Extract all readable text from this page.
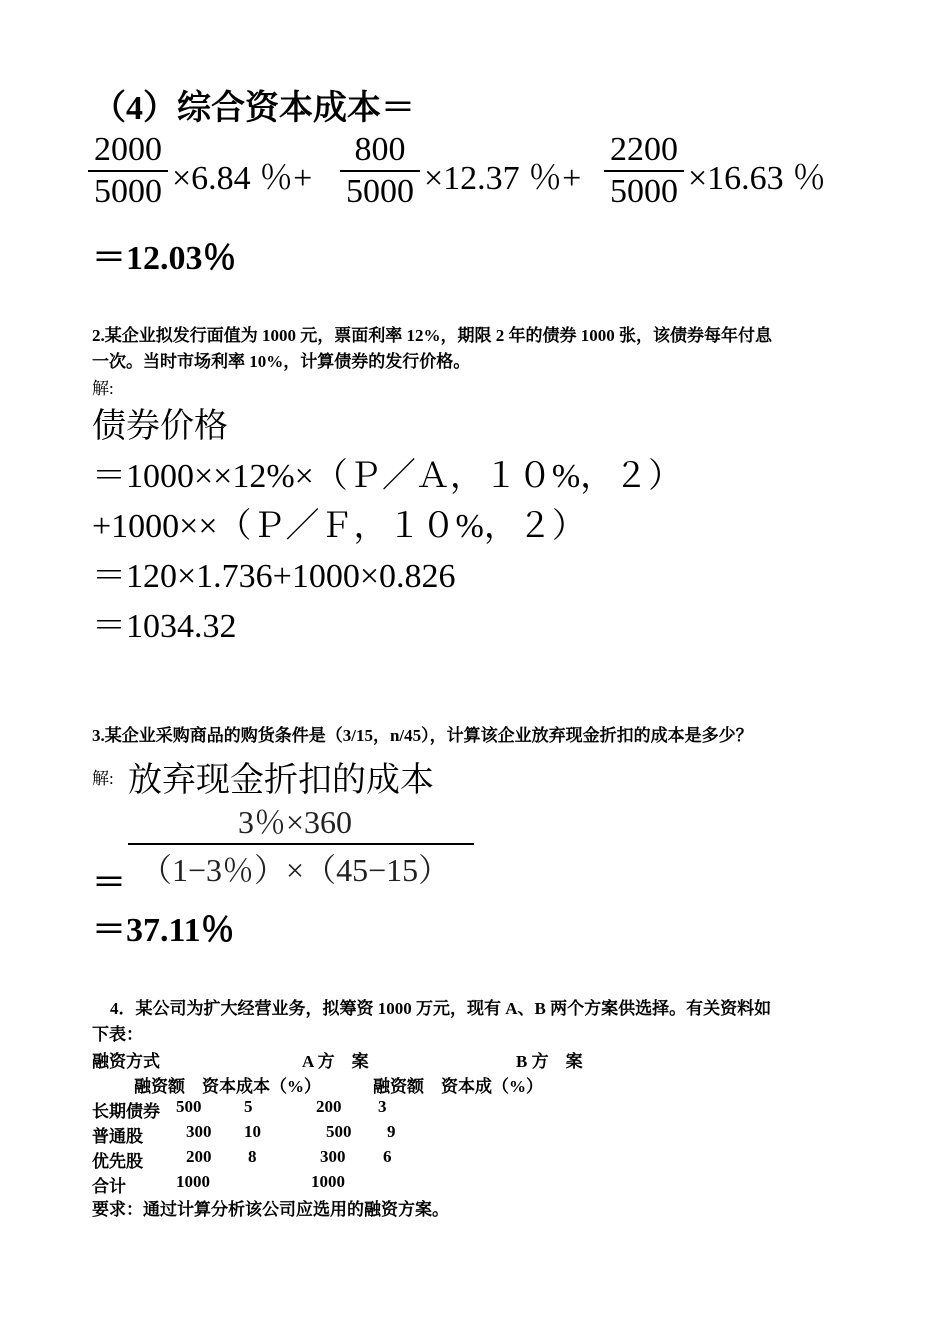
（4）综合资本成本＝
2000
5000 ×6.84 ％+
800
5000 ×12.37 ％+
2200
5000 ×16.63 ％
＝12.03％
2.某企业拟发行面值为 1000 元，票面利率 12%，期限 2 年的债券 1000 张，该债券每年付息
一次。当时市场利率 10%，计算债券的发行价格。
解:
债券价格
＝1000××12%×（Ｐ／Ａ，１０%，２）
+1000××（Ｐ／Ｆ，１０%，２）
＝120×1.736+1000×0.826
＝1034.32
3.某企业采购商品的购货条件是（3/15，n/45），计算该企业放弃现金折扣的成本是多少？
解: 放弃现金折扣的成本
3％×360
（1−3％）×（45−15）
＝
＝37.11％
4．某公司为扩大经营业务，拟筹资 1000 万元，现有 A、B 两个方案供选择。有关资料如
下表：
融资方式	A 方　案	B 方　案
融资额 资本成本（%）	融资额 资本成（%）
长期债券 500	5	200 3
普通股	300 10	500 9
优先股	200 8	300 6
合计	1000	1000
要求：通过计算分析该公司应选用的融资方案。
